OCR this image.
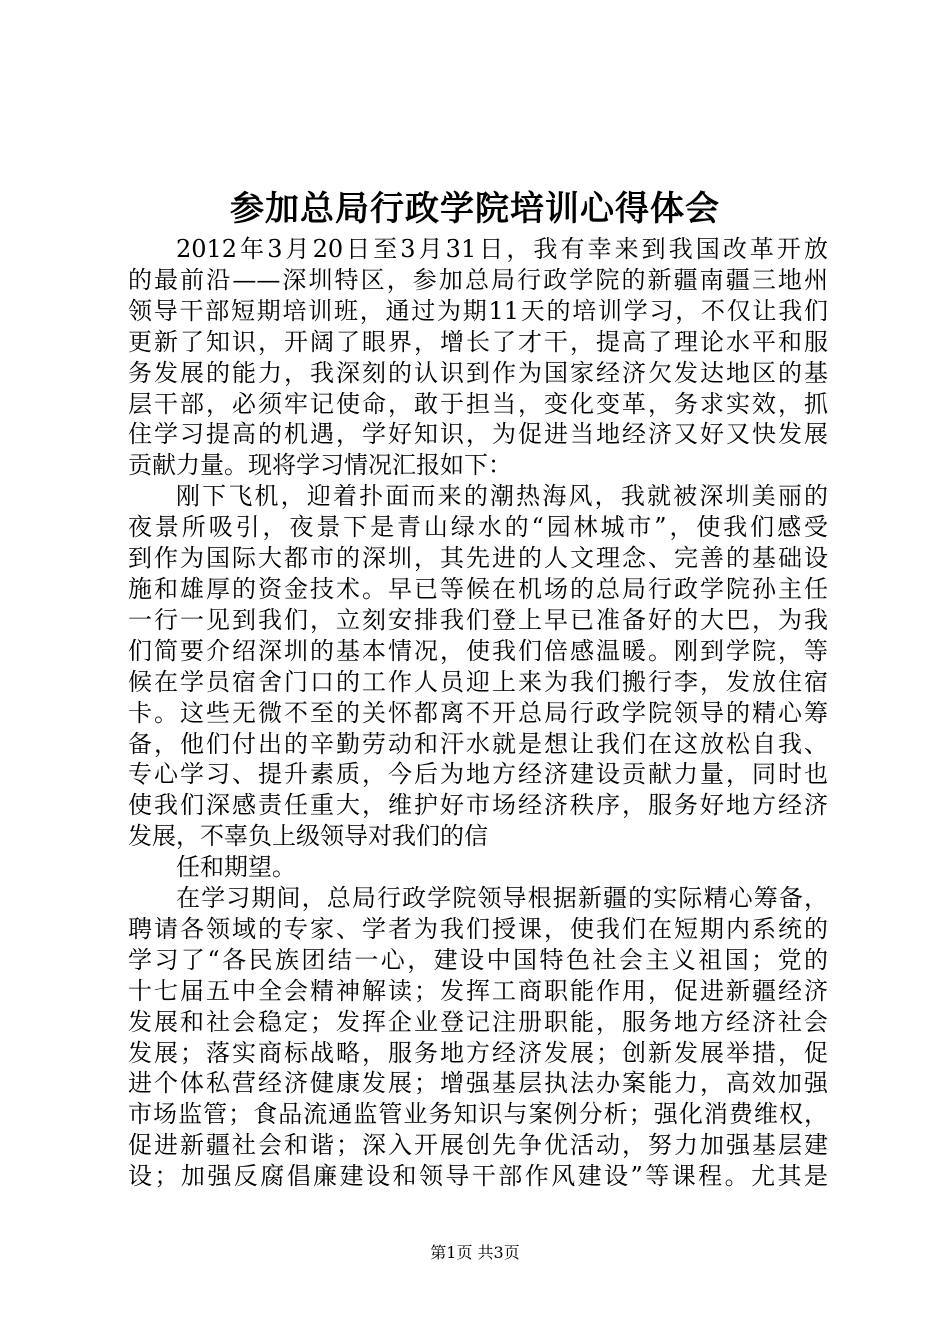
参加总局行政学院培训心得体会
2012年3月20日至3月31日，我有幸来到我国改革开放
的最前沿——深圳特区，参加总局行政学院的新疆南疆三地州
领导干部短期培训班，通过为期11天的培训学习，不仅让我们
更新了知识，开阔了眼界，增长了才干，提高了理论水平和服
务发展的能力，我深刻的认识到作为国家经济欠发达地区的基
层干部，必须牢记使命，敢于担当，变化变革，务求实效，抓
住学习提高的机遇，学好知识，为促进当地经济又好又快发展
贡献力量。现将学习情况汇报如下：
刚下飞机，迎着扑面而来的潮热海风，我就被深圳美丽的
夜景所吸引，夜景下是青山绿水的“园林城市”，使我们感受
到作为国际大都市的深圳，其先进的人文理念、完善的基础设
施和雄厚的资金技术。早已等候在机场的总局行政学院孙主任
一行一见到我们，立刻安排我们登上早已准备好的大巴，为我
们简要介绍深圳的基本情况，使我们倍感温暖。刚到学院，等
候在学员宿舍门口的工作人员迎上来为我们搬行李，发放住宿
卡。这些无微不至的关怀都离不开总局行政学院领导的精心筹
备，他们付出的辛勤劳动和汗水就是想让我们在这放松自我、
专心学习、提升素质，今后为地方经济建设贡献力量，同时也
使我们深感责任重大，维护好市场经济秩序，服务好地方经济
发展，不辜负上级领导对我们的信
任和期望。
在学习期间，总局行政学院领导根据新疆的实际精心筹备，
聘请各领域的专家、学者为我们授课，使我们在短期内系统的
学习了“各民族团结一心，建设中国特色社会主义祖国；党的
十七届五中全会精神解读；发挥工商职能作用，促进新疆经济
发展和社会稳定；发挥企业登记注册职能，服务地方经济社会
发展；落实商标战略，服务地方经济发展；创新发展举措，促
进个体私营经济健康发展；增强基层执法办案能力，高效加强
市场监管；食品流通监管业务知识与案例分析；强化消费维权，
促进新疆社会和谐；深入开展创先争优活动，努力加强基层建
设；加强反腐倡廉建设和领导干部作风建设”等课程。尤其是
第1页 共3页
